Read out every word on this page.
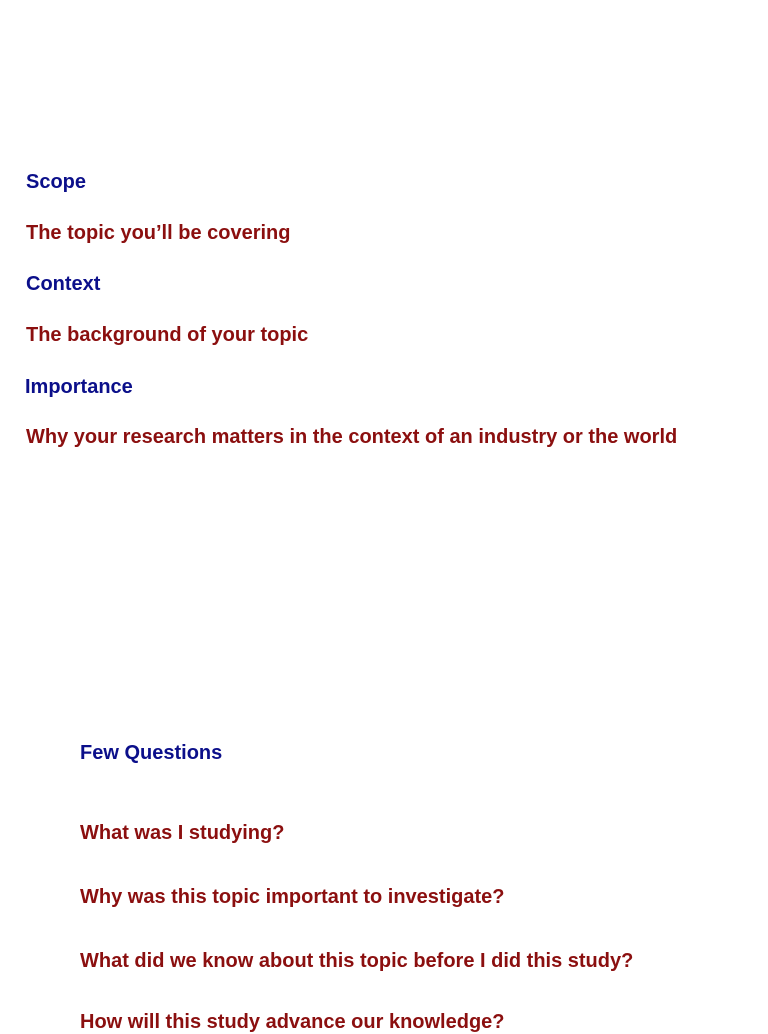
Scope
The topic you’ll be covering
Context
The background of your topic
Importance
Why your research matters in the context of an industry or the world
Few Questions
What was I studying?
Why was this topic important to investigate?
What did we know about this topic before I did this study?
How will this study advance our knowledge?
